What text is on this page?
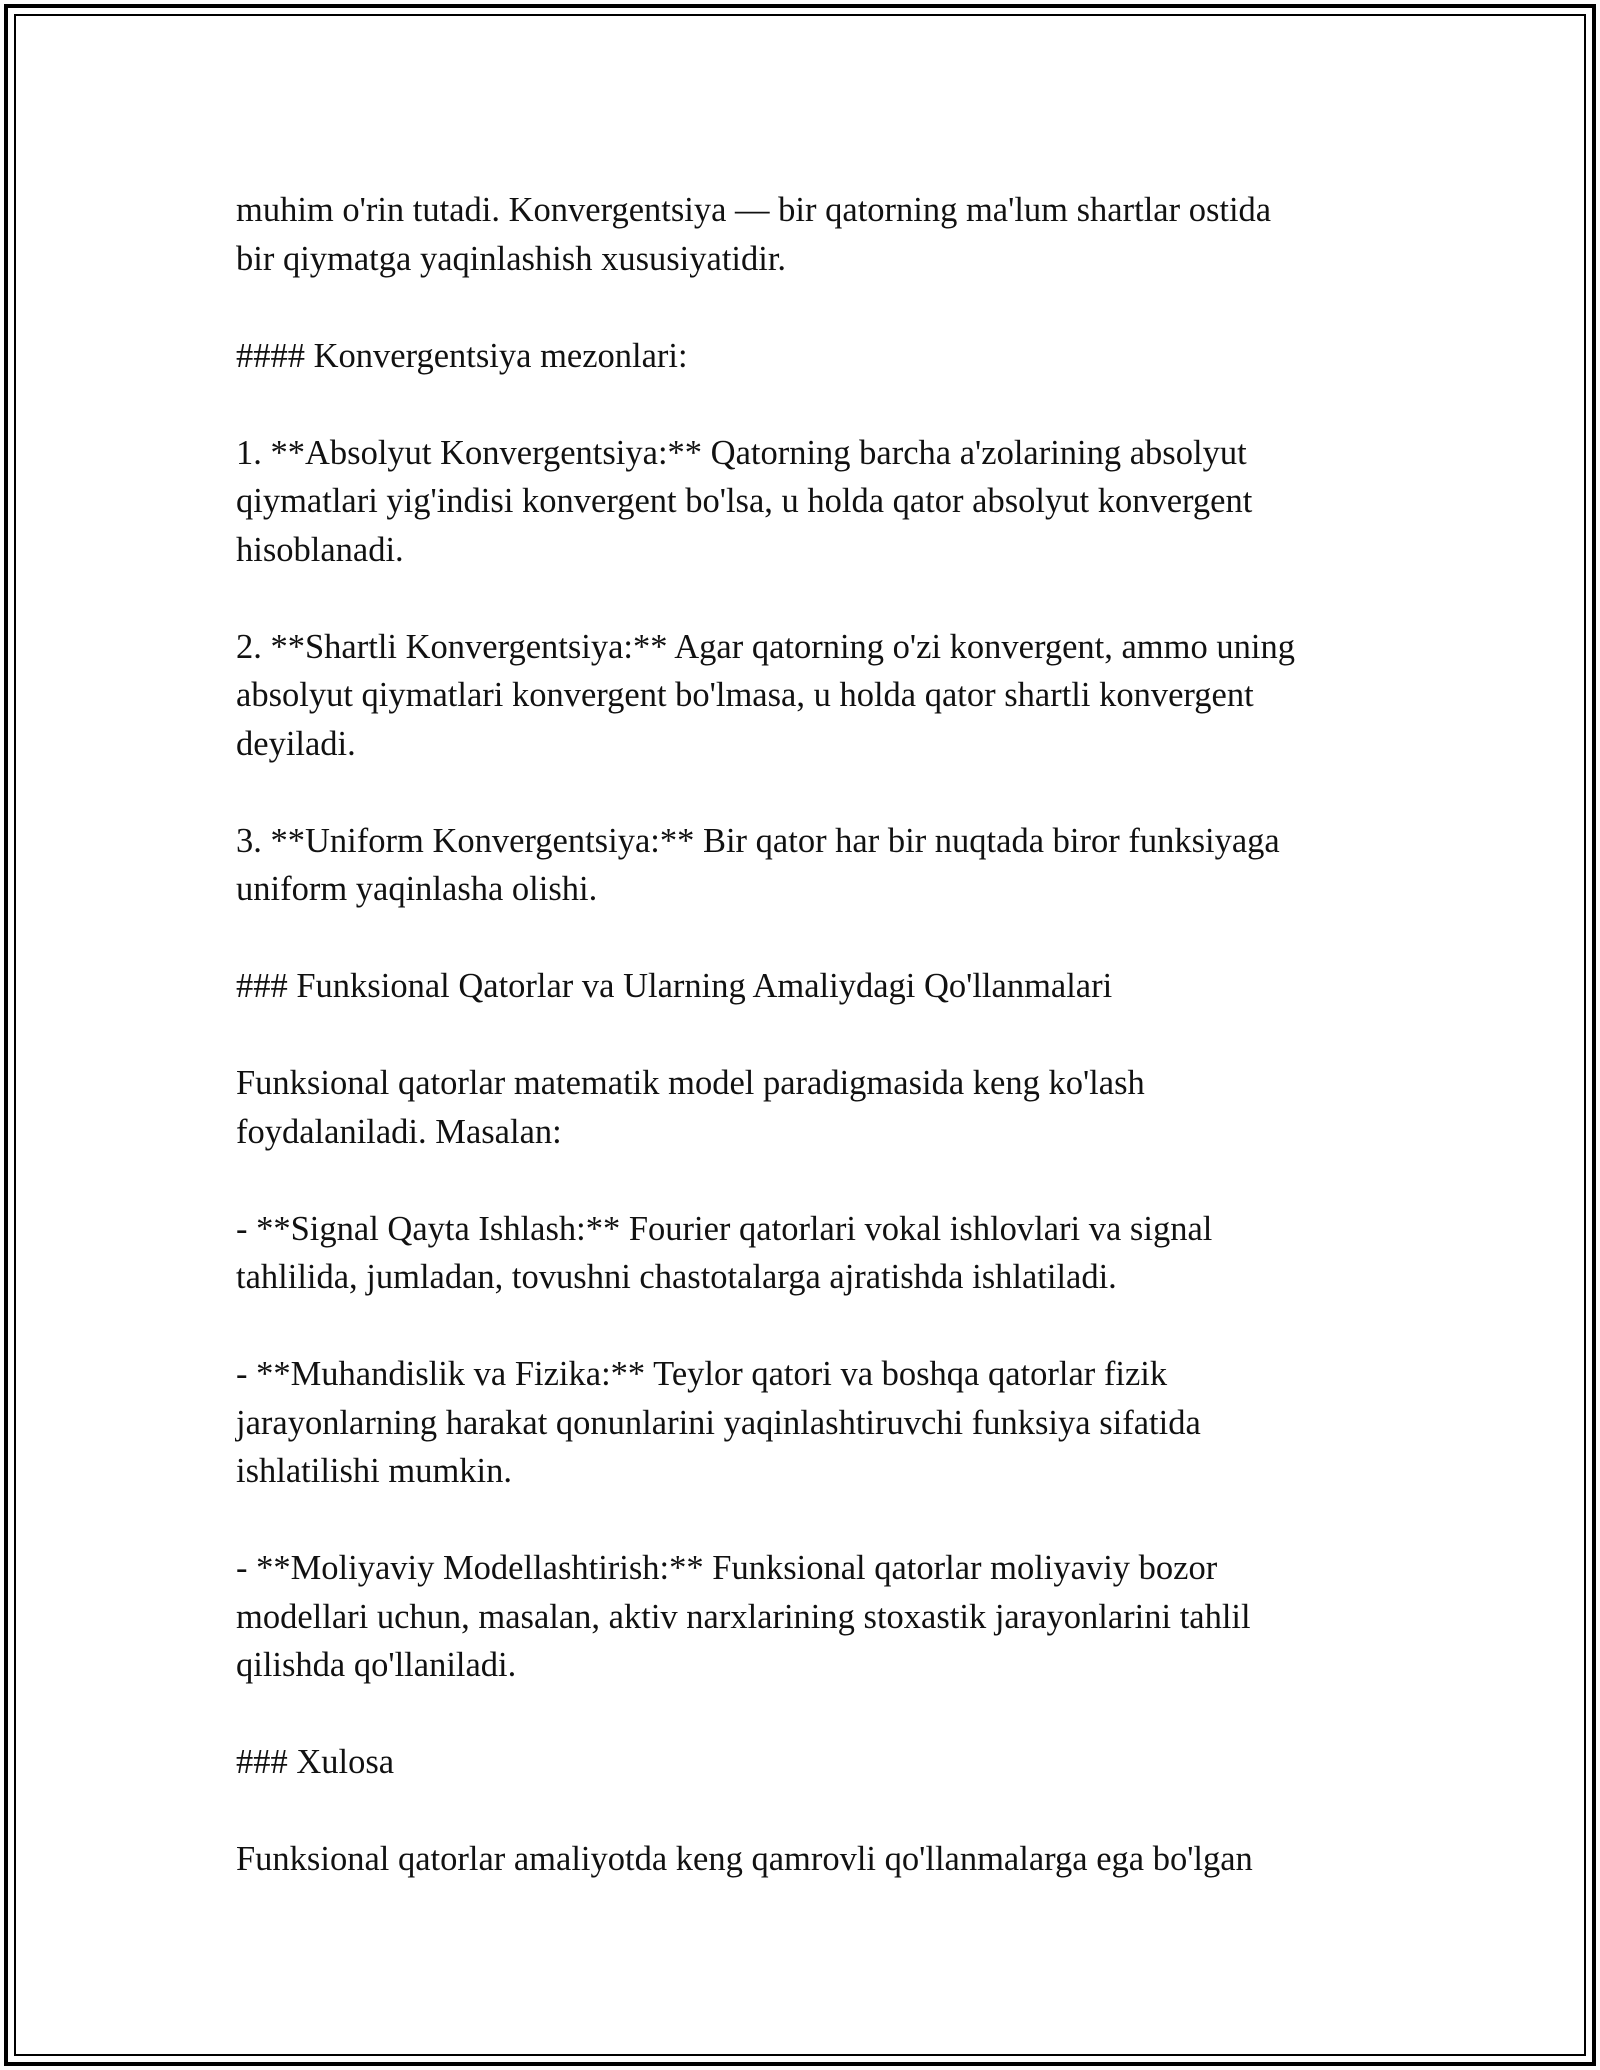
muhim o'rin tutadi. Konvergentsiya — bir qatorning ma'lum shartlar ostida
bir qiymatga yaqinlashish xususiyatidir.

#### Konvergentsiya mezonlari:

1. **Absolyut Konvergentsiya:** Qatorning barcha a'zolarining absolyut
qiymatlari yig'indisi konvergent bo'lsa, u holda qator absolyut konvergent
hisoblanadi.

2. **Shartli Konvergentsiya:** Agar qatorning o'zi konvergent, ammo uning
absolyut qiymatlari konvergent bo'lmasa, u holda qator shartli konvergent
deyiladi.

3. **Uniform Konvergentsiya:** Bir qator har bir nuqtada biror funksiyaga
uniform yaqinlasha olishi.

### Funksional Qatorlar va Ularning Amaliydagi Qo'llanmalari

Funksional qatorlar matematik model paradigmasida keng ko'lash
foydalaniladi. Masalan:

- **Signal Qayta Ishlash:** Fourier qatorlari vokal ishlovlari va signal
tahlilida, jumladan, tovushni chastotalarga ajratishda ishlatiladi.

- **Muhandislik va Fizika:** Teylor qatori va boshqa qatorlar fizik
jarayonlarning harakat qonunlarini yaqinlashtiruvchi funksiya sifatida
ishlatilishi mumkin.

- **Moliyaviy Modellashtirish:** Funksional qatorlar moliyaviy bozor
modellari uchun, masalan, aktiv narxlarining stoxastik jarayonlarini tahlil
qilishda qo'llaniladi.

### Xulosa

Funksional qatorlar amaliyotda keng qamrovli qo'llanmalarga ega bo'lgan
